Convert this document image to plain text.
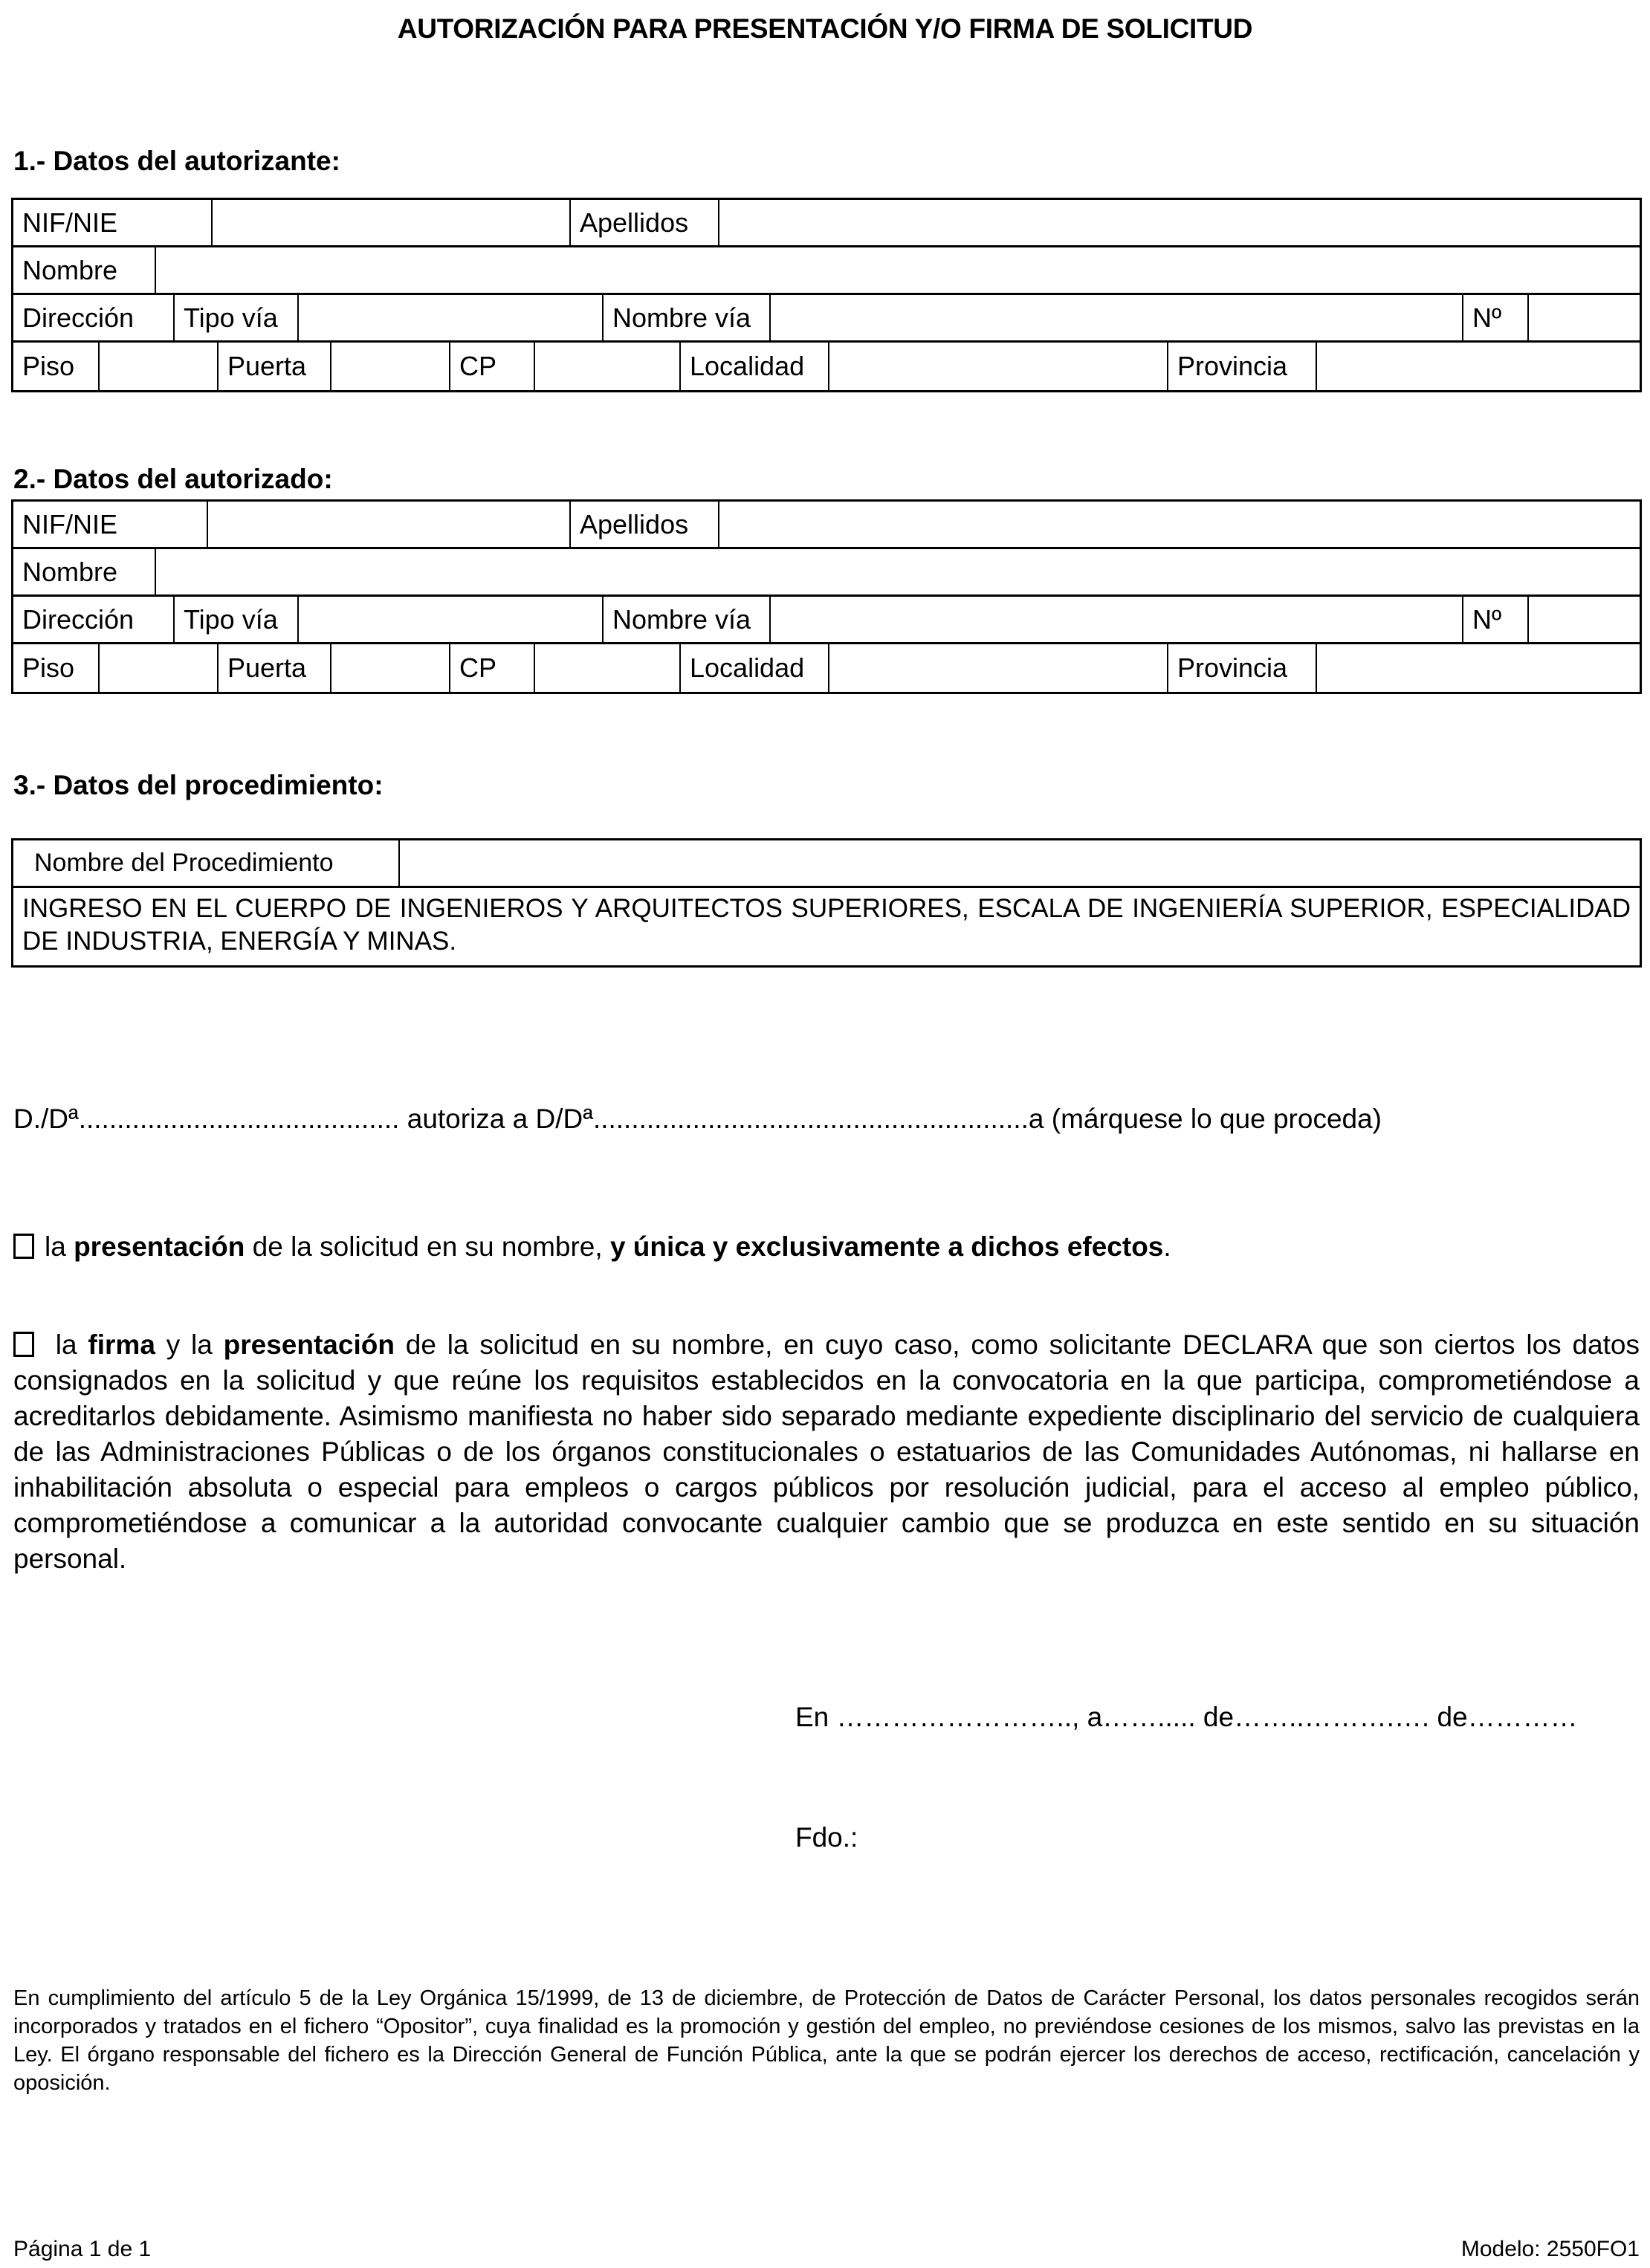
AUTORIZACIÓN PARA PRESENTACIÓN Y/O FIRMA DE SOLICITUD
1.- Datos del autorizante:
NIF/NIE	Apellidos
Nombre
Dirección	Tipo vía	Nombre vía	Nº
Piso	Puerta	CP	Localidad	Provincia
2.- Datos del autorizado:
NIF/NIE	Apellidos
Nombre
Dirección	Tipo vía	Nombre vía	Nº
Piso	Puerta	CP	Localidad	Provincia
3.- Datos del procedimiento:
Nombre del Procedimiento
INGRESO EN EL CUERPO DE INGENIEROS Y ARQUITECTOS SUPERIORES, ESCALA DE INGENIERÍA SUPERIOR, ESPECIALIDAD DE INDUSTRIA, ENERGÍA Y MINAS.
D./Dª.......................................... autoriza a D/Dª.........................................................a (márquese lo que proceda)
la presentación de la solicitud en su nombre, y única y exclusivamente a dichos efectos.
la firma y la presentación de la solicitud en su nombre, en cuyo caso, como solicitante DECLARA que son ciertos los datos consignados en la solicitud y que reúne los requisitos establecidos en la convocatoria en la que participa, comprometiéndose a acreditarlos debidamente. Asimismo manifiesta no haber sido separado mediante expediente disciplinario del servicio de cualquiera de las Administraciones Públicas o de los órganos constitucionales o estatuarios de las Comunidades Autónomas, ni hallarse en inhabilitación absoluta o especial para empleos o cargos públicos por resolución judicial, para el acceso al empleo público, comprometiéndose a comunicar a la autoridad convocante cualquier cambio que se produzca en este sentido en su situación personal.
En …………………….., a……..... de……..……….…. de…………
Fdo.:
En cumplimiento del artículo 5 de la Ley Orgánica 15/1999, de 13 de diciembre, de Protección de Datos de Carácter Personal, los datos personales recogidos serán incorporados y tratados en el fichero “Opositor”, cuya finalidad es la promoción y gestión del empleo, no previéndose cesiones de los mismos, salvo las previstas en la Ley. El órgano responsable del fichero es la Dirección General de Función Pública, ante la que se podrán ejercer los derechos de acceso, rectificación, cancelación y oposición.
Página 1 de 1	Modelo: 2550FO1
